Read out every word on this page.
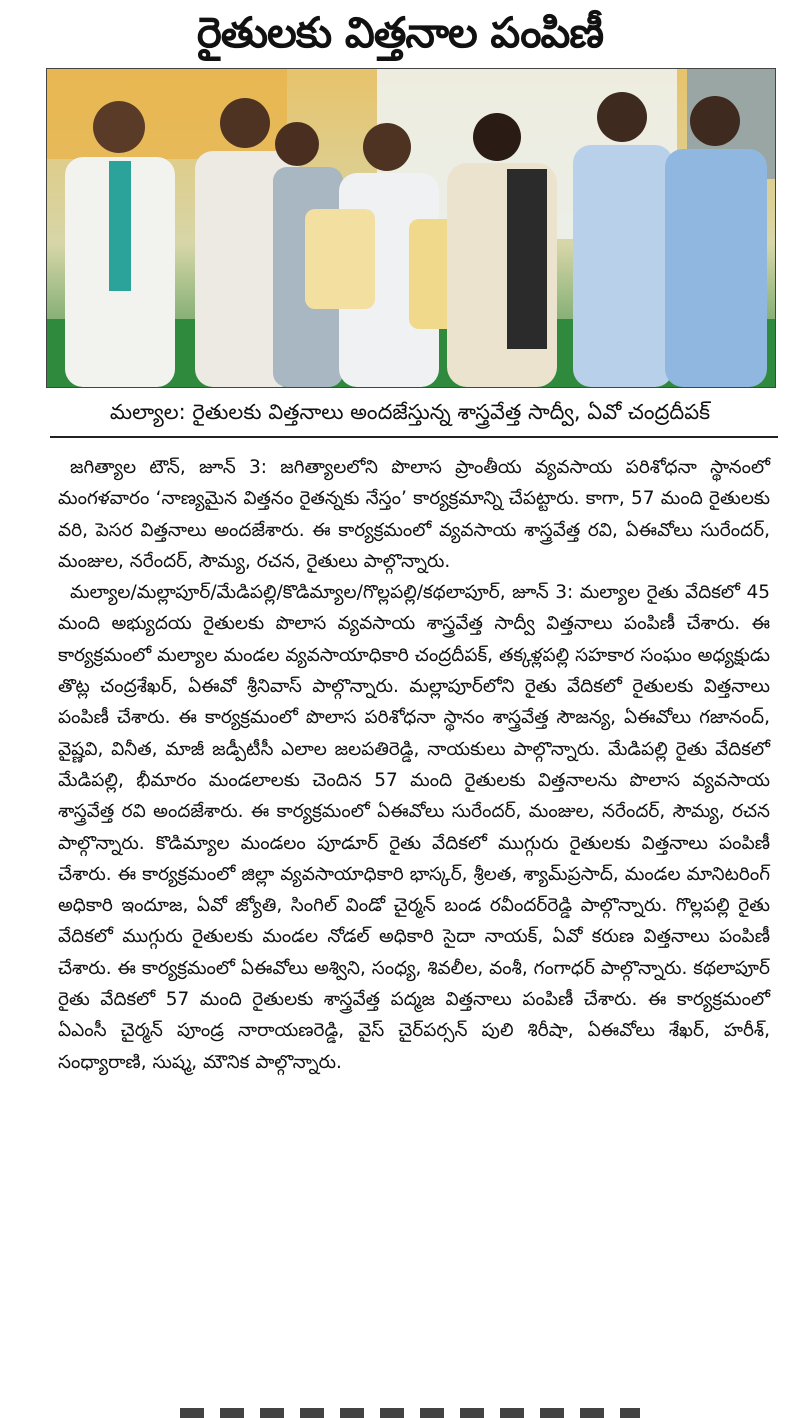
రైతులకు విత్తనాల పంపిణీ
మల్యాల: రైతులకు విత్తనాలు అందజేస్తున్న శాస్త్రవేత్త సాద్వీ, ఏవో చంద్రదీపక్

జగిత్యాల టౌన్, జూన్ 3: జగిత్యాలలోని పొలాస ప్రాంతీయ వ్యవసాయ పరిశోధనా స్థానంలో మంగళవారం ‘నాణ్యమైన విత్తనం రైతన్నకు నేస్తం’ కార్యక్రమాన్ని చేపట్టారు. కాగా, 57 మంది రైతులకు వరి, పెసర విత్తనాలు అందజేశారు. ఈ కార్యక్రమంలో వ్యవసాయ శాస్త్రవేత్త రవి, ఏఈవోలు సురేందర్, మంజుల, నరేందర్, సౌమ్య, రచన, రైతులు పాల్గొన్నారు.

మల్యాల/మల్లాపూర్/మేడిపల్లి/కొడిమ్యాల/గొల్లపల్లి/కథలాపూర్, జూన్ 3: మల్యాల రైతు వేదికలో 45 మంది అభ్యుదయ రైతులకు పొలాస వ్యవసాయ శాస్త్రవేత్త సాద్వీ విత్తనాలు పంపిణీ చేశారు. ఈ కార్యక్రమంలో మల్యాల మండల వ్యవసాయాధికారి చంద్రదీపక్, తక్కళ్లపల్లి సహకార సంఘం అధ్యక్షుడు తొట్ల చంద్రశేఖర్, ఏఈవో శ్రీనివాస్ పాల్గొన్నారు. మల్లాపూర్‌లోని రైతు వేదికలో రైతులకు విత్తనాలు పంపిణీ చేశారు. ఈ కార్యక్రమంలో పొలాస పరిశోధనా స్థానం శాస్త్రవేత్త సౌజన్య, ఏఈవోలు గజానంద్, వైష్ణవి, వినీత, మాజీ జడ్పీటీసీ ఎలాల జలపతిరెడ్డి, నాయకులు పాల్గొన్నారు. మేడిపల్లి రైతు వేదికలో మేడిపల్లి, భీమారం మండలాలకు చెందిన 57 మంది రైతులకు విత్తనాలను పొలాస వ్యవసాయ శాస్త్రవేత్త రవి అందజేశారు. ఈ కార్యక్రమంలో ఏఈవోలు సురేందర్, మంజుల, నరేందర్, సౌమ్య, రచన పాల్గొన్నారు. కొడిమ్యాల మండలం పూడూర్ రైతు వేదికలో ముగ్గురు రైతులకు విత్తనాలు పంపిణీ చేశారు. ఈ కార్యక్రమంలో జిల్లా వ్యవసాయాధికారి భాస్కర్, శ్రీలత, శ్యామ్‌ప్రసాద్, మండల మానిటరింగ్ అధికారి ఇందూజ, ఏవో జ్యోతి, సింగిల్ విండో చైర్మన్ బండ రవీందర్‌రెడ్డి పాల్గొన్నారు. గొల్లపల్లి రైతు వేదికలో ముగ్గురు రైతులకు మండల నోడల్ అధికారి సైదా నాయక్, ఏవో కరుణ విత్తనాలు పంపిణీ చేశారు. ఈ కార్యక్రమంలో ఏఈవోలు అశ్విని, సంధ్య, శివలీల, వంశీ, గంగాధర్ పాల్గొన్నారు. కథలాపూర్ రైతు వేదికలో 57 మంది రైతులకు శాస్త్రవేత్త పద్మజ విత్తనాలు పంపిణీ చేశారు. ఈ కార్యక్రమంలో ఏఎంసీ చైర్మన్ పూండ్ర నారాయణరెడ్డి, వైస్ చైర్‌పర్సన్ పులి శిరీషా, ఏఈవోలు శేఖర్, హరీశ్, సంధ్యారాణి, సుష్మ, మౌనిక పాల్గొన్నారు.
